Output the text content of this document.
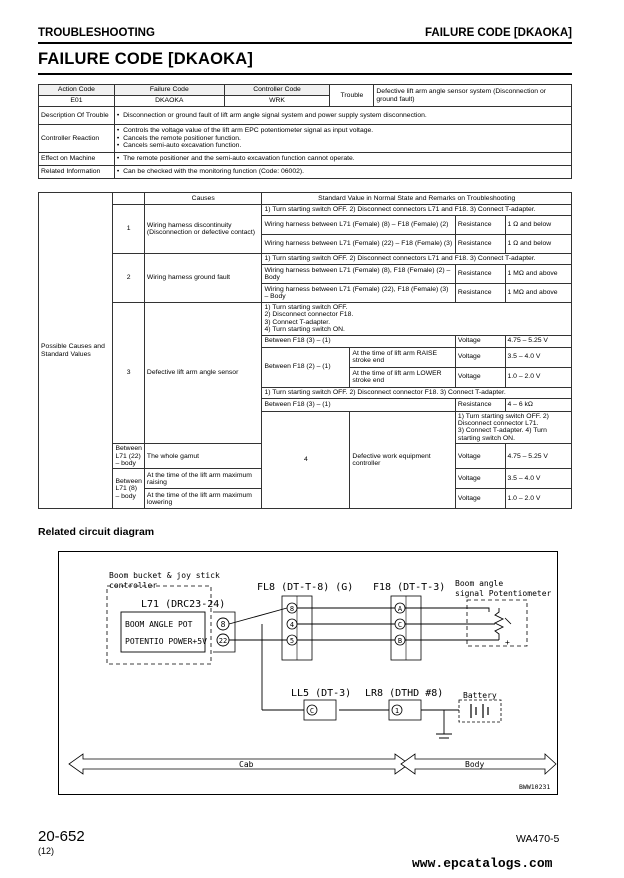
TROUBLESHOOTING	FAILURE CODE [DKAOKA]
FAILURE CODE [DKAOKA]
Action Code	Failure Code	Controller Code	Trouble	Defective lift arm angle sensor system (Disconnection or ground fault)
E01	DKAOKA	WRK		
Description Of Trouble	•  Disconnection or ground fault of lift arm angle signal system and power supply system disconnection.
Controller Reaction	•  Controls the voltage value of the lift arm EPC potentiometer signal as input voltage.
•  Cancels the remote positioner function.
•  Cancels semi-auto excavation function.

Effect on Machine	•  The remote positioner and the semi-auto excavation function cannot operate.
Related Information	•  Can be checked with the monitoring function (Code: 06002).
Possible Causes and Standard Values		Causes	Standard Value in Normal State and Remarks on Troubleshooting			
	1	Wiring harness discontinuity (Disconnection or defective contact)	1) Turn starting switch OFF. 2) Disconnect connectors L71 and F18. 3) Connect T-adapter.			
			Wiring harness between L71 (Female) (8) – F18 (Female) (2)		Resistance	1 Ω and below
			Wiring harness between L71 (Female) (22) – F18 (Female) (3)		Resistance	1 Ω and below
	2	Wiring harness ground fault	1) Turn starting switch OFF. 2) Disconnect connectors L71 and F18. 3) Connect T-adapter.			
			Wiring harness between L71 (Female) (8), F18 (Female) (2) – Body		Resistance	1 MΩ and above
			Wiring harness between L71 (Female) (22), F18 (Female) (3) – Body		Resistance	1 MΩ and above
	3	Defective lift arm angle sensor	1) Turn starting switch OFF.
2) Disconnect connector F18.
3) Connect T-adapter.
4) Turn starting switch ON.			

			Between F18 (3) – (1)		Voltage	4.75 – 5.25 V
			Between F18 (2) – (1)	At the time of lift arm RAISE stroke end	Voltage	3.5 – 4.0 V
				At the time of lift arm LOWER stroke end	Voltage	1.0 – 2.0 V
			1) Turn starting switch OFF. 2) Disconnect connector F18. 3) Connect T-adapter.			
			Between F18 (3) – (1)		Resistance	4 – 6 kΩ
			4	Defective work equipment controller	1) Turn starting switch OFF. 2) Disconnect connector L71.
3) Connect T-adapter. 4) Turn starting switch ON.	

	Between L71 (22) – body	The whole gamut			Voltage	4.75 – 5.25 V
	Between L71 (8) – body	At the time of the lift arm maximum raising			Voltage	3.5 – 4.0 V
		At the time of the lift arm maximum lowering			Voltage	1.0 – 2.0 V
Related circuit diagram
Boom bucket & joy stick
controller
L71 (DRC23-24)
BOOM ANGLE POT
POTENTIO POWER+5V
8
22
FL8 (DT-T-8) (G)
8
4
5
F18 (DT-T-3)
A
C
B
Boom angle
signal Potentiometer
+
LL5 (DT-3)
C
LR8 (DTHD #8)
1
Battery
Cab	Body
BWW10231
20-652
(12)
WA470-5
www.epcatalogs.com
